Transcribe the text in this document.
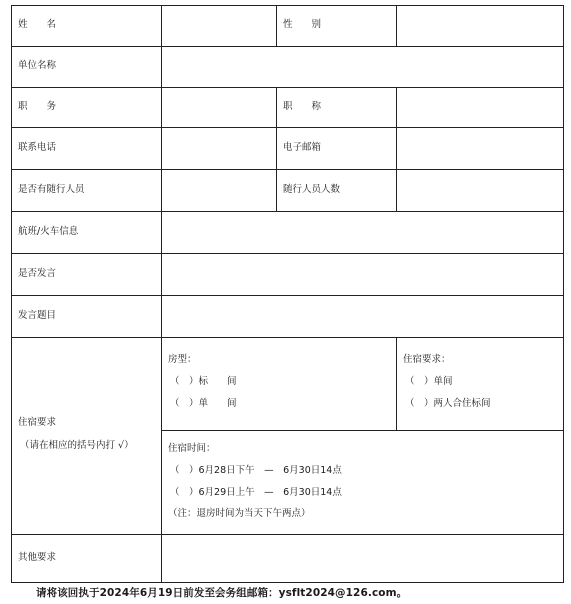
姓　　名	性　　别
单位名称
职　　务	职　　称
联系电话	电子邮箱
是否有随行人员	随行人员人数
航班/火车信息
是否发言
发言题目
住宿要求
（请在相应的括号内打 √）
房型：
（　）标　　间
（　）单　　间
住宿要求：
（　）单间
（　）两人合住标间
住宿时间：
（　）6月28日下午　—　6月30日14点
（　）6月29日上午　—　6月30日14点
（注：退房时间为当天下午两点）
其他要求
请将该回执于2024年6月19日前发至会务组邮箱：ysflt2024@126.com。
